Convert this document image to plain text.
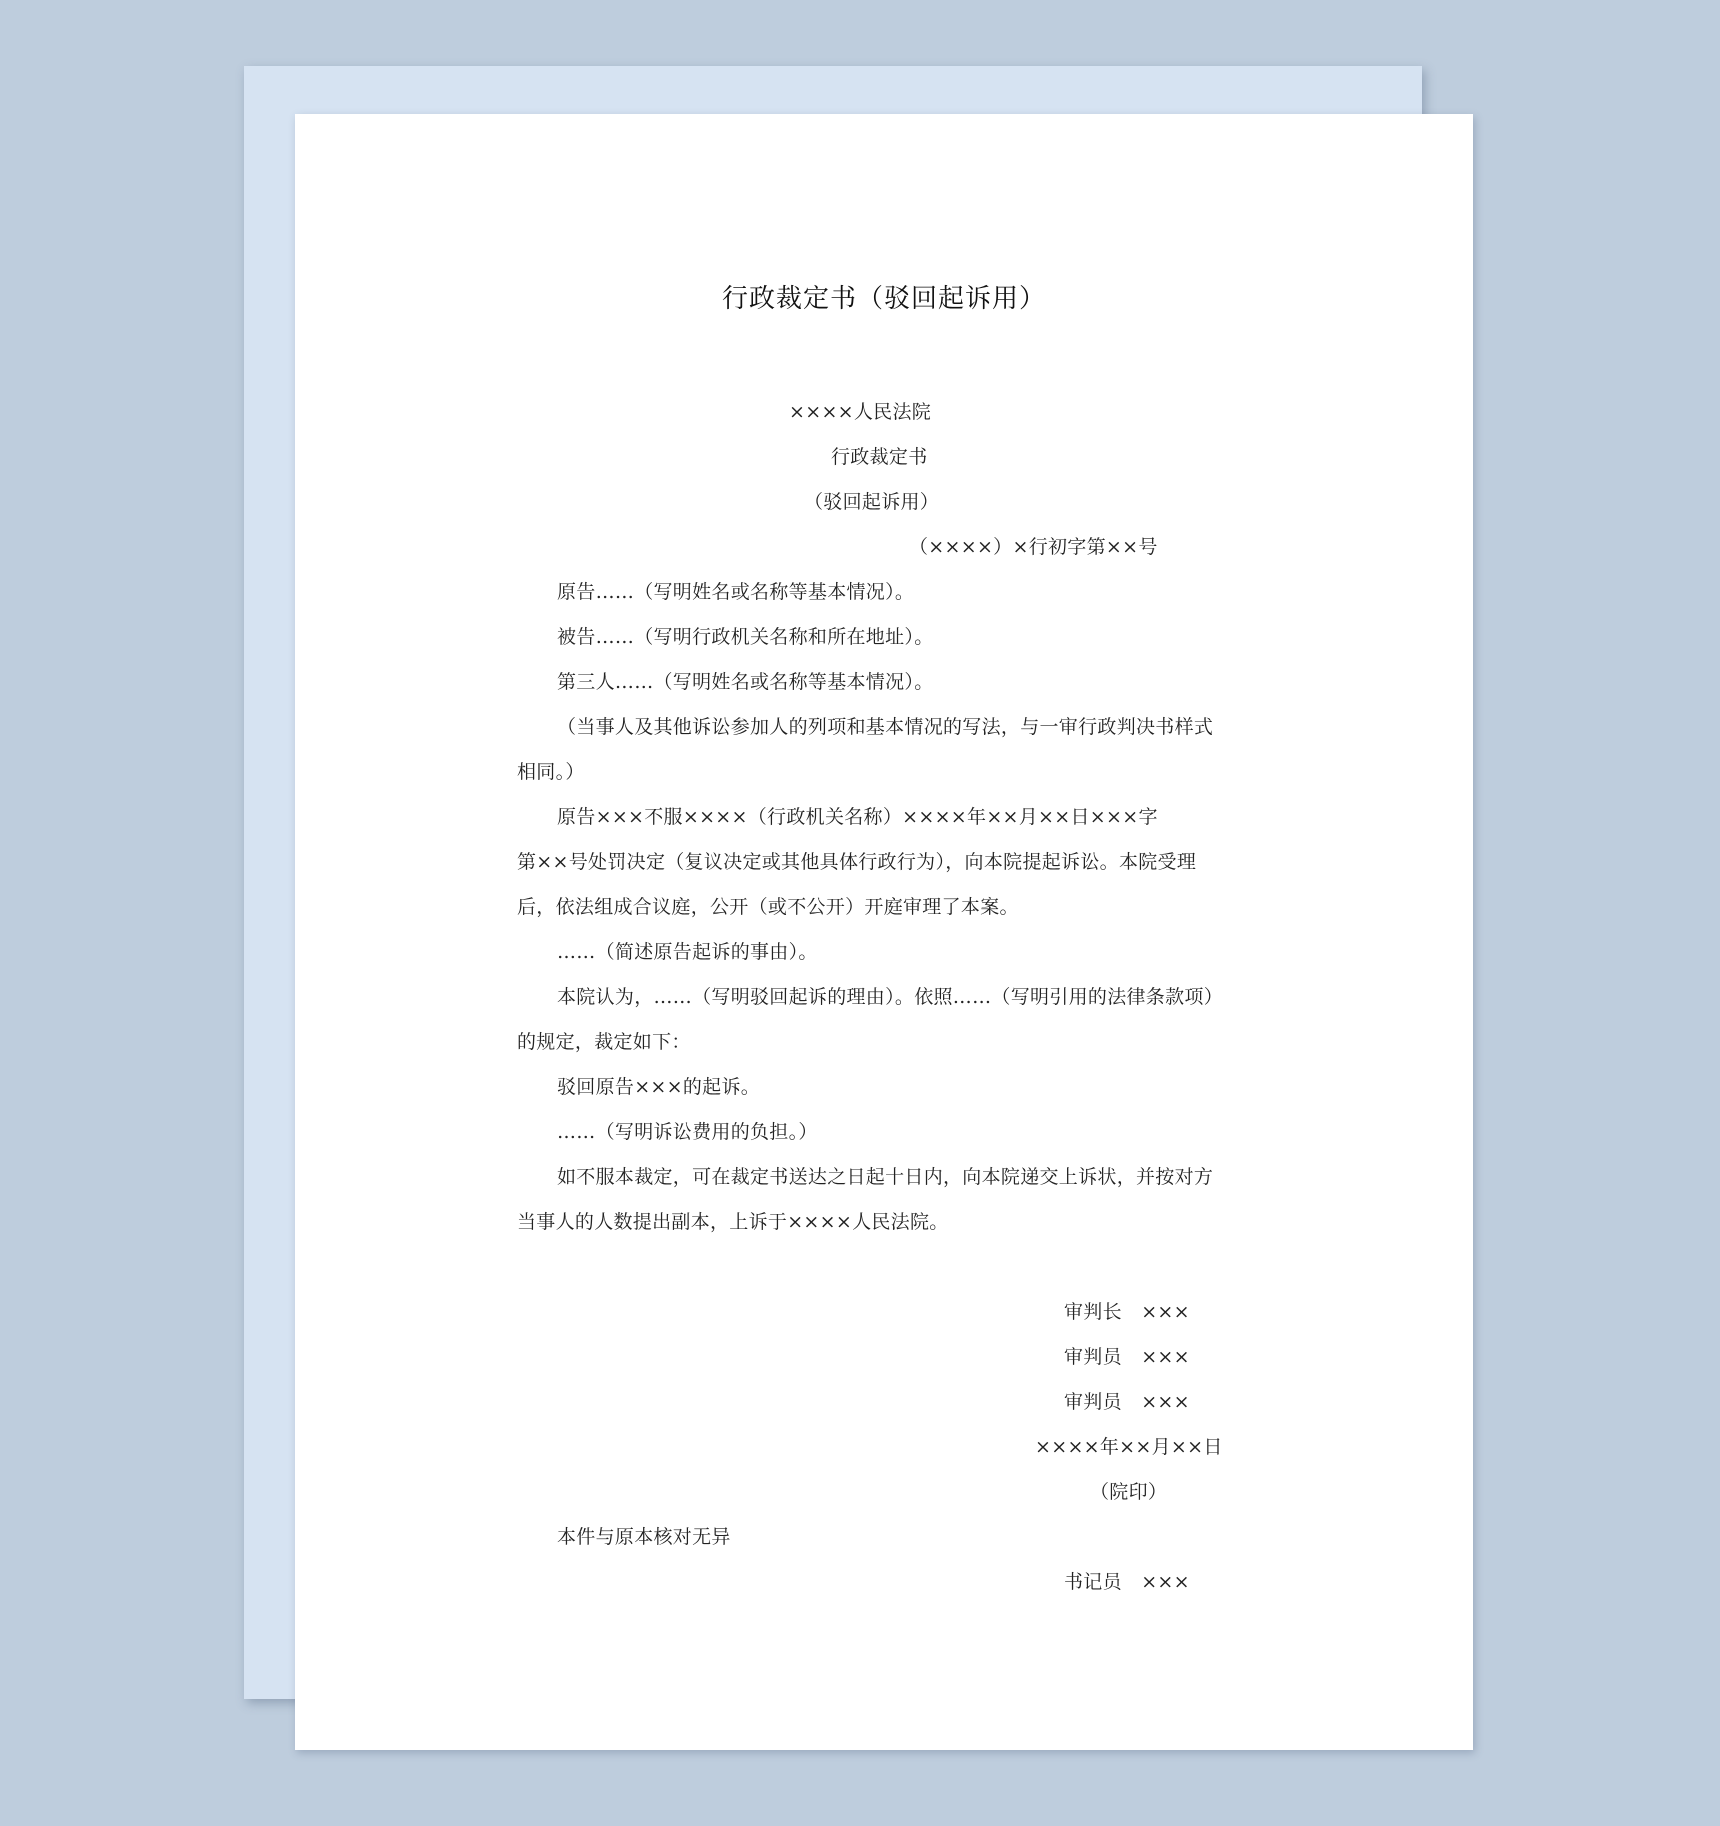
行政裁定书（驳回起诉用）
××××人民法院
行政裁定书
（驳回起诉用）
（××××）×行初字第××号
原告……（写明姓名或名称等基本情况）。
被告……（写明行政机关名称和所在地址）。
第三人……（写明姓名或名称等基本情况）。
（当事人及其他诉讼参加人的列项和基本情况的写法，与一审行政判决书样式
相同。）
原告×××不服××××（行政机关名称）××××年××月××日×××字
第××号处罚决定（复议决定或其他具体行政行为），向本院提起诉讼。本院受理
后，依法组成合议庭，公开（或不公开）开庭审理了本案。
……（简述原告起诉的事由）。
本院认为，……（写明驳回起诉的理由）。依照……（写明引用的法律条款项）
的规定，裁定如下：
驳回原告×××的起诉。
……（写明诉讼费用的负担。）
如不服本裁定，可在裁定书送达之日起十日内，向本院递交上诉状，并按对方
当事人的人数提出副本，上诉于××××人民法院。
审判长　×××
审判员　×××
审判员　×××
××××年××月××日
（院印）
本件与原本核对无异
书记员　×××
